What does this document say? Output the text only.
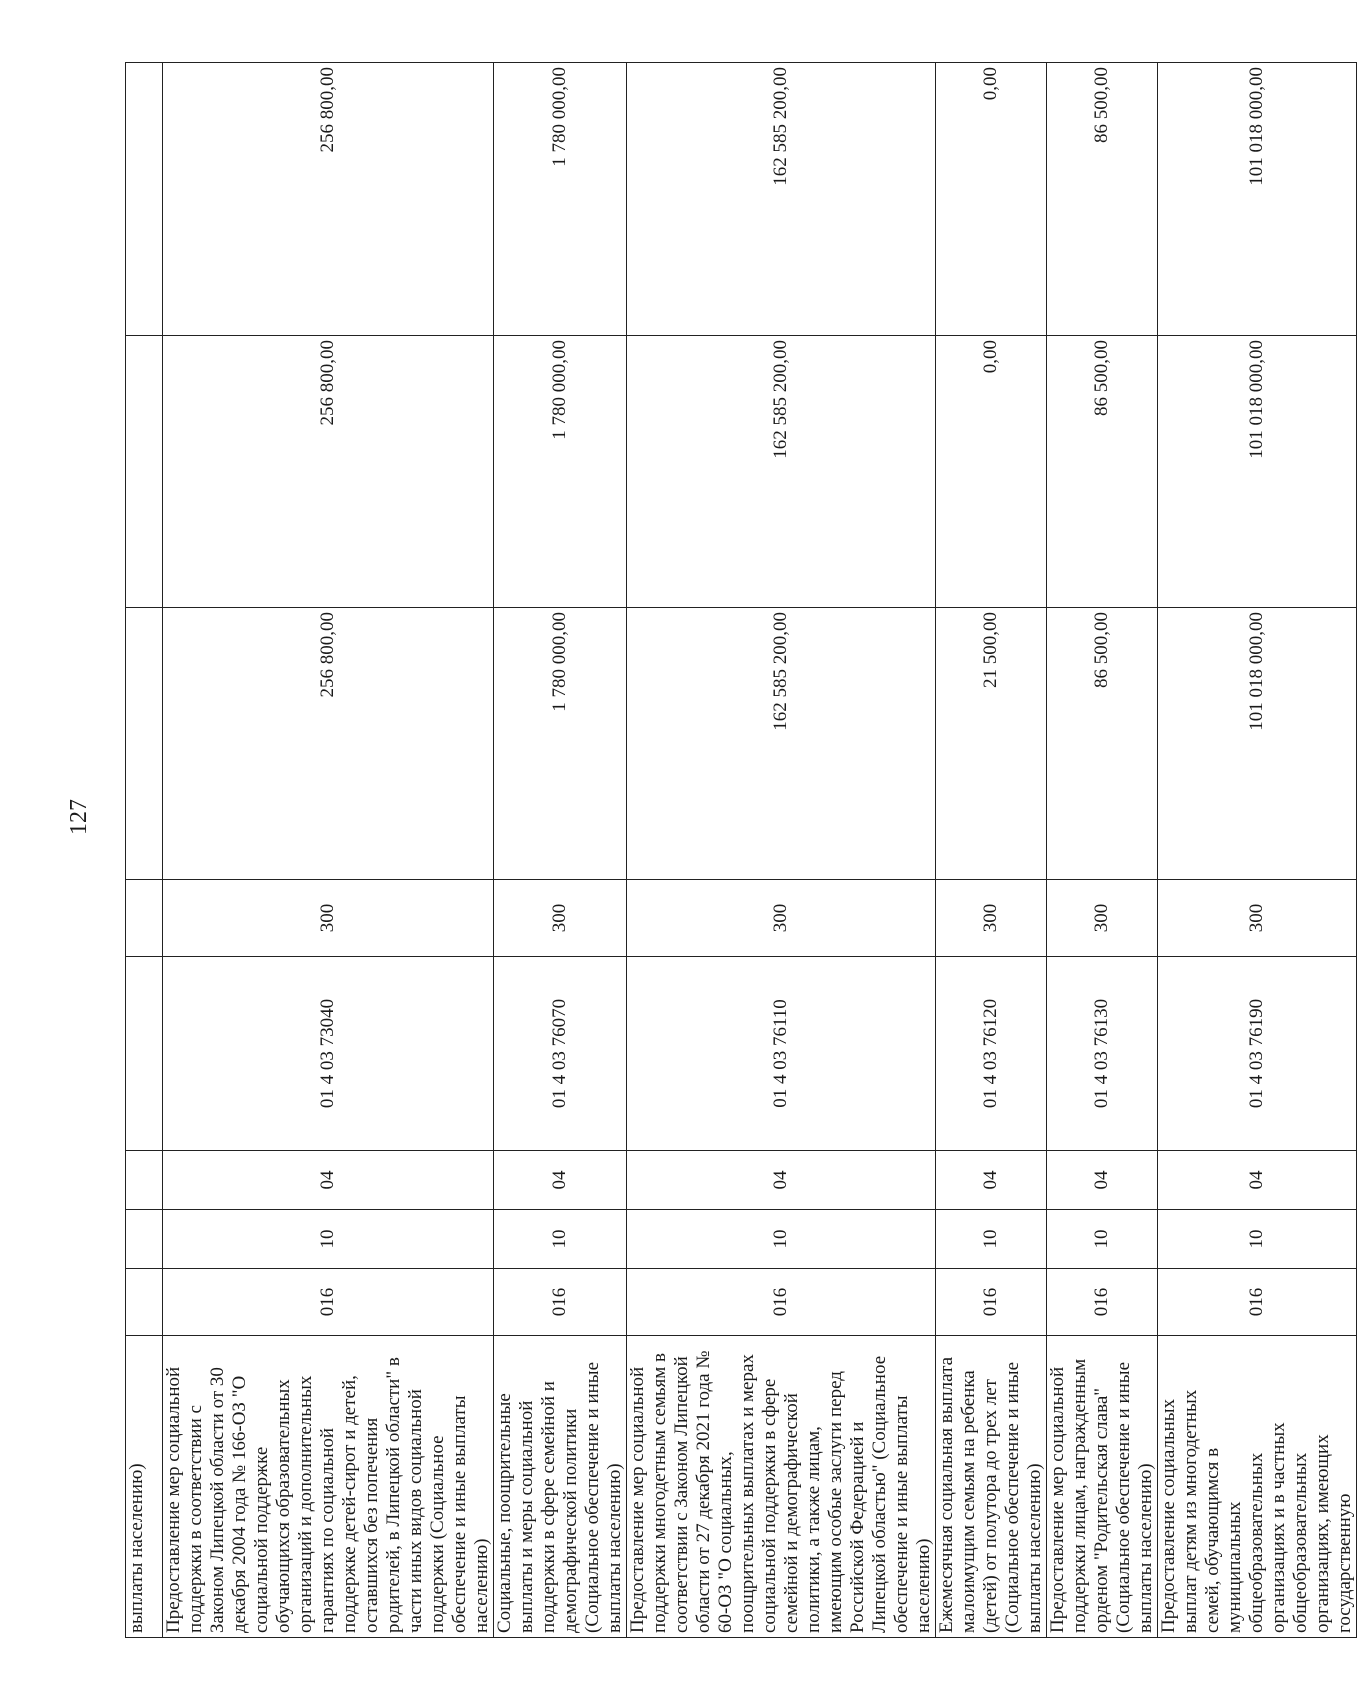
127
выплаты населению)								
Предоставление мер социальной поддержки в соответствии с Законом Липецкой области от 30 декабря 2004 года № 166-ОЗ "О социальной поддержке обучающихся образовательных организаций и дополнительных гарантиях по социальной поддержке детей-сирот и детей, оставшихся без попечения родителей, в Липецкой области" в части иных видов социальной поддержки (Социальное обеспечение и иные выплаты населению)	016	10	04	01 4 03 73040	300	256 800,00	256 800,00	256 800,00
Социальные, поощрительные выплаты и меры социальной поддержки в сфере семейной и демографической политики (Социальное обеспечение и иные выплаты населению)	016	10	04	01 4 03 76070	300	1 780 000,00	1 780 000,00	1 780 000,00
Предоставление мер социальной поддержки многодетным семьям в соответствии с Законом Липецкой области от 27 декабря 2021 года № 60-ОЗ "О социальных, поощрительных выплатах и мерах социальной поддержки в сфере семейной и демографической политики, а также лицам, имеющим особые заслуги перед Российской Федерацией и Липецкой областью" (Социальное обеспечение и иные выплаты населению)	016	10	04	01 4 03 76110	300	162 585 200,00	162 585 200,00	162 585 200,00
Ежемесячная социальная выплата малоимущим семьям на ребенка (детей) от полутора до трех лет (Социальное обеспечение и иные выплаты населению)	016	10	04	01 4 03 76120	300	21 500,00	0,00	0,00
Предоставление мер социальной поддержки лицам, награжденным орденом "Родительская слава" (Социальное обеспечение и иные выплаты населению)	016	10	04	01 4 03 76130	300	86 500,00	86 500,00	86 500,00
Предоставление социальных выплат детям из многодетных семей, обучающимся в муниципальных общеобразовательных организациях и в частных общеобразовательных организациях, имеющих государственную	016	10	04	01 4 03 76190	300	101 018 000,00	101 018 000,00	101 018 000,00
